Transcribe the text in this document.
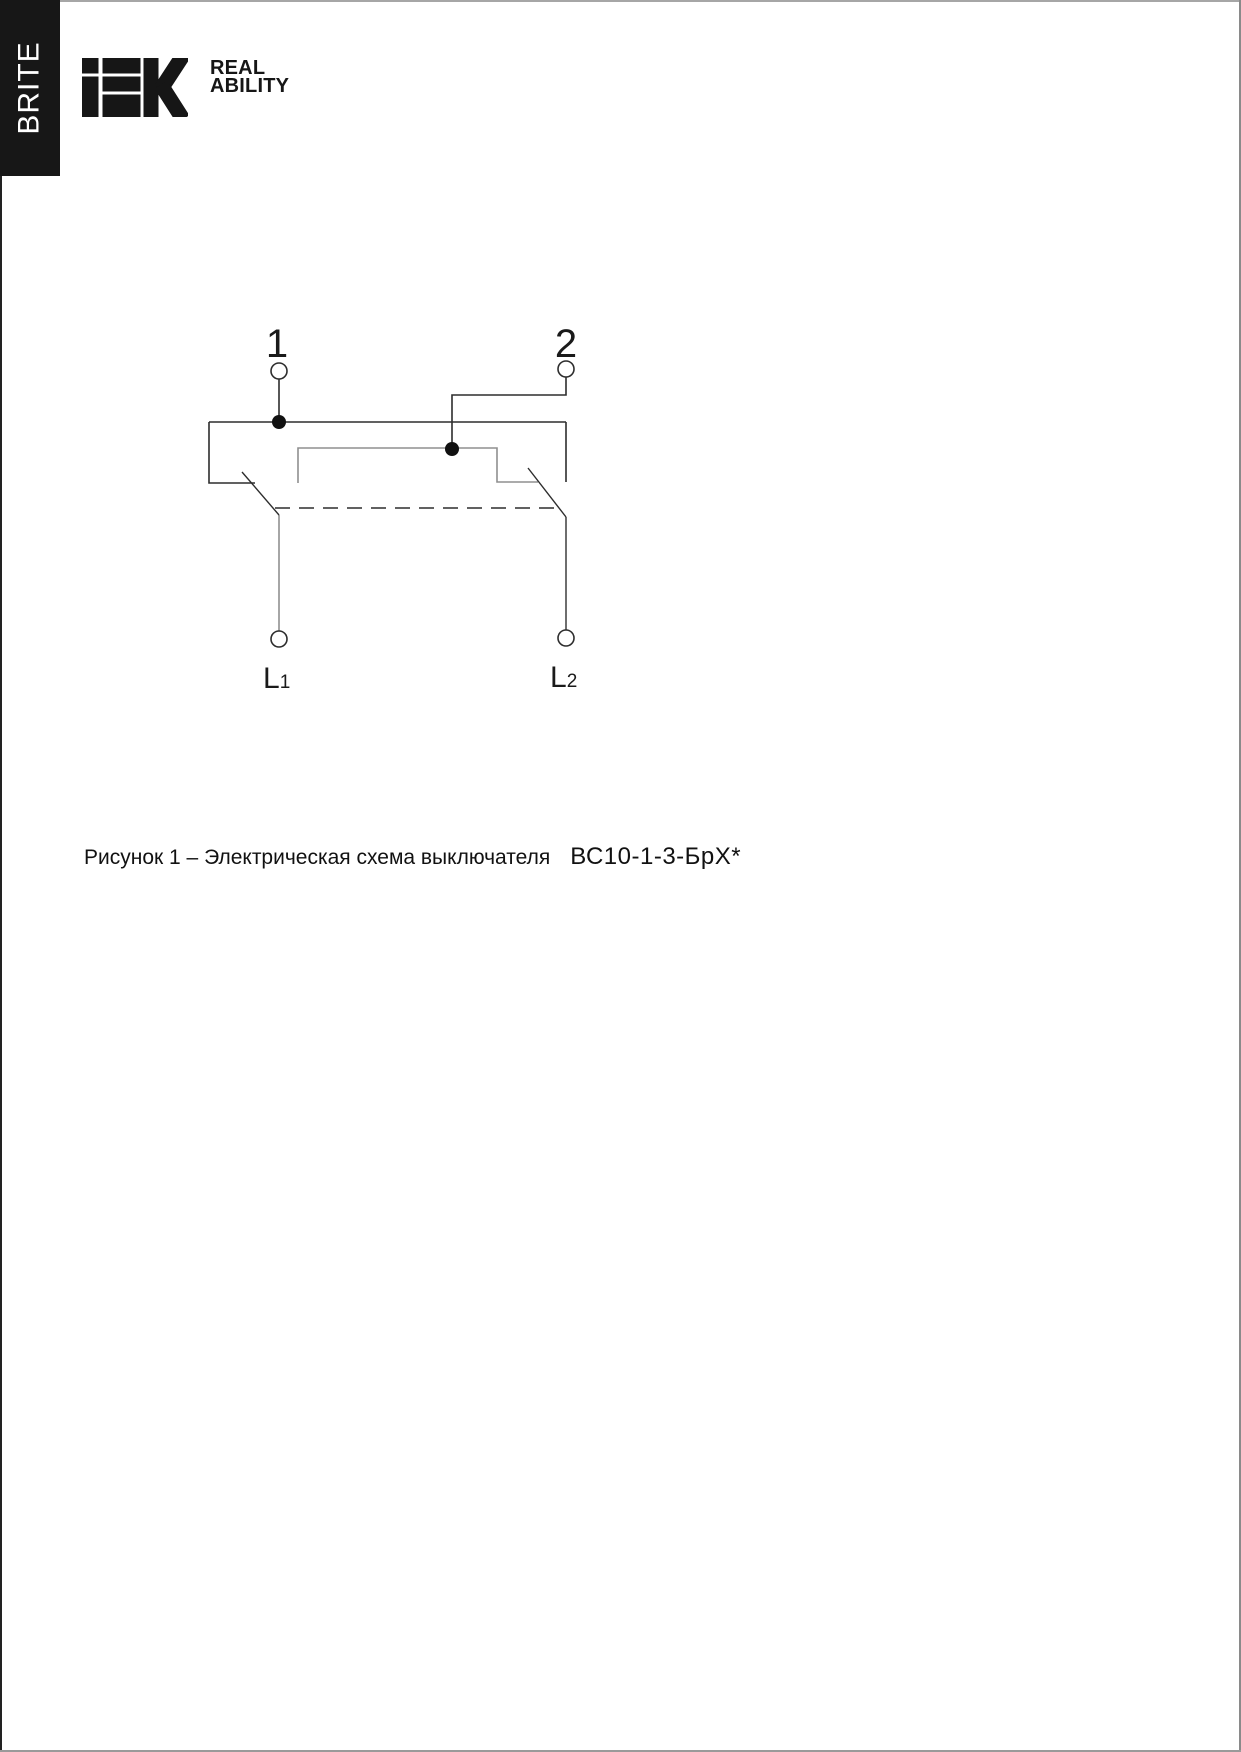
BRITE	REAL
ABILITY
1	2
L1	L2
Рисунок 1 – Электрическая схема выключателя ВС10-1-3-БрХ*
